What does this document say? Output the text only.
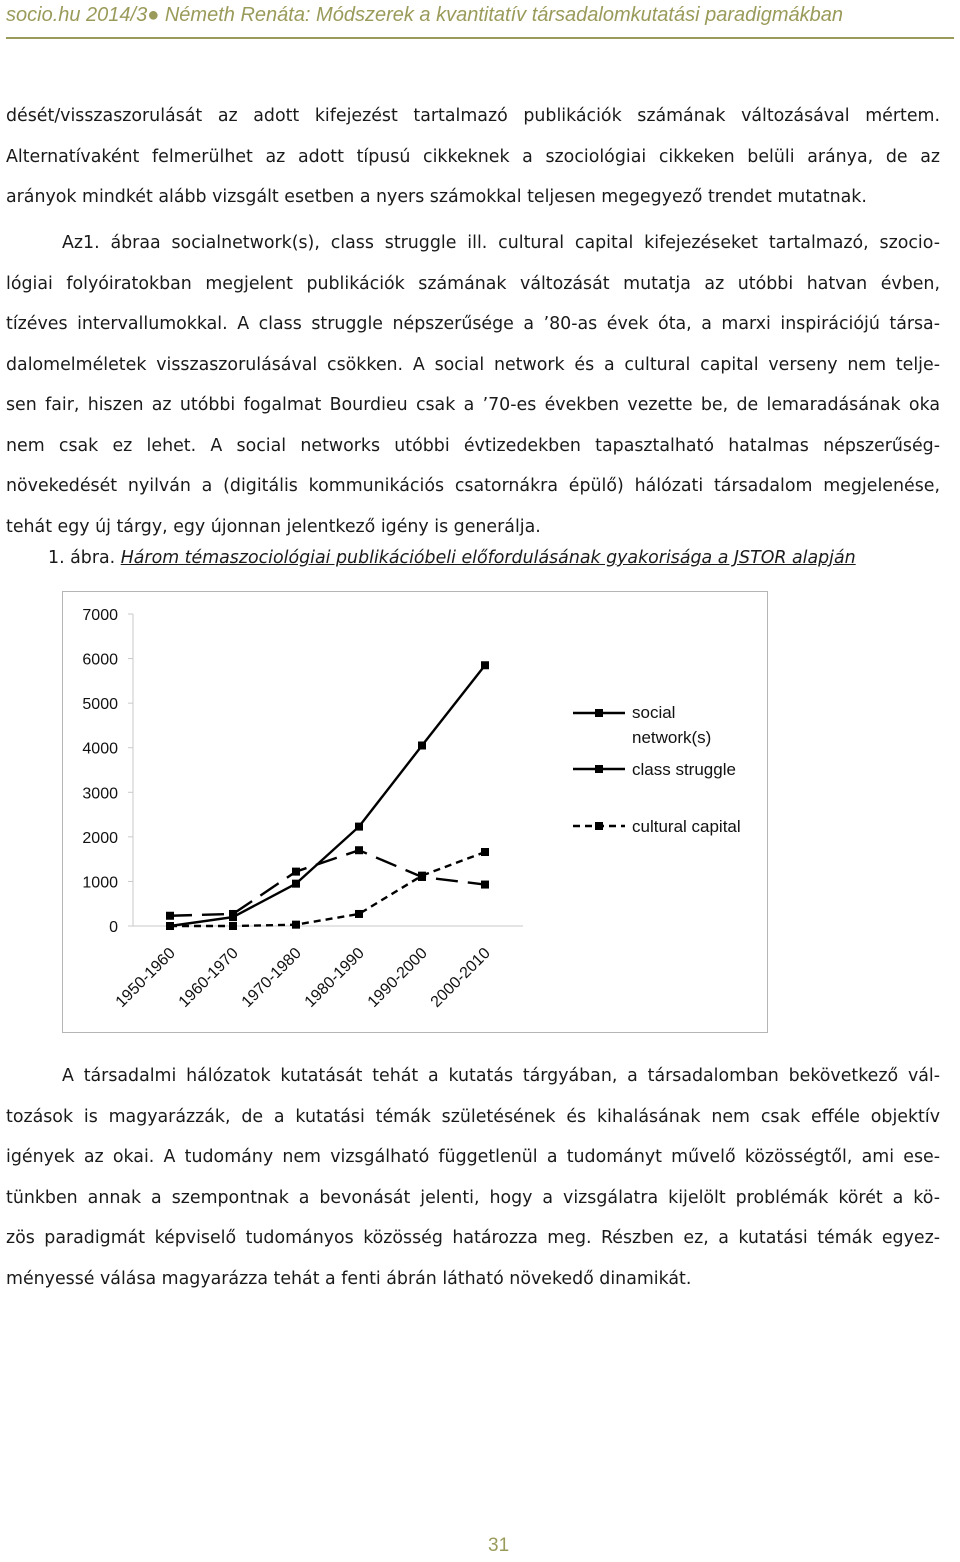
socio.hu 2014/3● Németh Renáta: Módszerek a kvantitatív társadalomkutatási paradigmákban
dését/visszaszorulását az adott kifejezést tartalmazó publikációk számának változásával mértem.
Alternatívaként felmerülhet az adott típusú cikkeknek a szociológiai cikkeken belüli aránya, de az
arányok mindkét alább vizsgált esetben a nyers számokkal teljesen megegyező trendet mutatnak.
Az1. ábraa socialnetwork(s), class struggle ill. cultural capital kifejezéseket tartalmazó, szocio-
lógiai folyóiratokban megjelent publikációk számának változását mutatja az utóbbi hatvan évben,
tízéves intervallumokkal. A class struggle népszerűsége a ’80-as évek óta, a marxi inspirációjú társa-
dalomelméletek visszaszorulásával csökken. A social network és a cultural capital verseny nem telje-
sen fair, hiszen az utóbbi fogalmat Bourdieu csak a ’70-es években vezette be, de lemaradásának oka
nem csak ez lehet. A social networks utóbbi évtizedekben tapasztalható hatalmas népszerűség-
növekedését nyilván a (digitális kommunikációs csatornákra épülő) hálózati társadalom megjelenése,
tehát egy új tárgy, egy újonnan jelentkező igény is generálja.
1. ábra. Három témaszociológiai publikációbeli előfordulásának gyakorisága a JSTOR alapján
0
1000
2000
3000
4000
5000
6000
7000
1950-1960
1960-1970
1970-1980
1980-1990
1990-2000
2000-2010
social
network(s)
class struggle
cultural capital
A társadalmi hálózatok kutatását tehát a kutatás tárgyában, a társadalomban bekövetkező vál-
tozások is magyarázzák, de a kutatási témák születésének és kihalásának nem csak efféle objektív
igények az okai. A tudomány nem vizsgálható függetlenül a tudományt művelő közösségtől, ami ese-
tünkben annak a szempontnak a bevonását jelenti, hogy a vizsgálatra kijelölt problémák körét a kö-
zös paradigmát képviselő tudományos közösség határozza meg. Részben ez, a kutatási témák egyez-
ményessé válása magyarázza tehát a fenti ábrán látható növekedő dinamikát.
31
